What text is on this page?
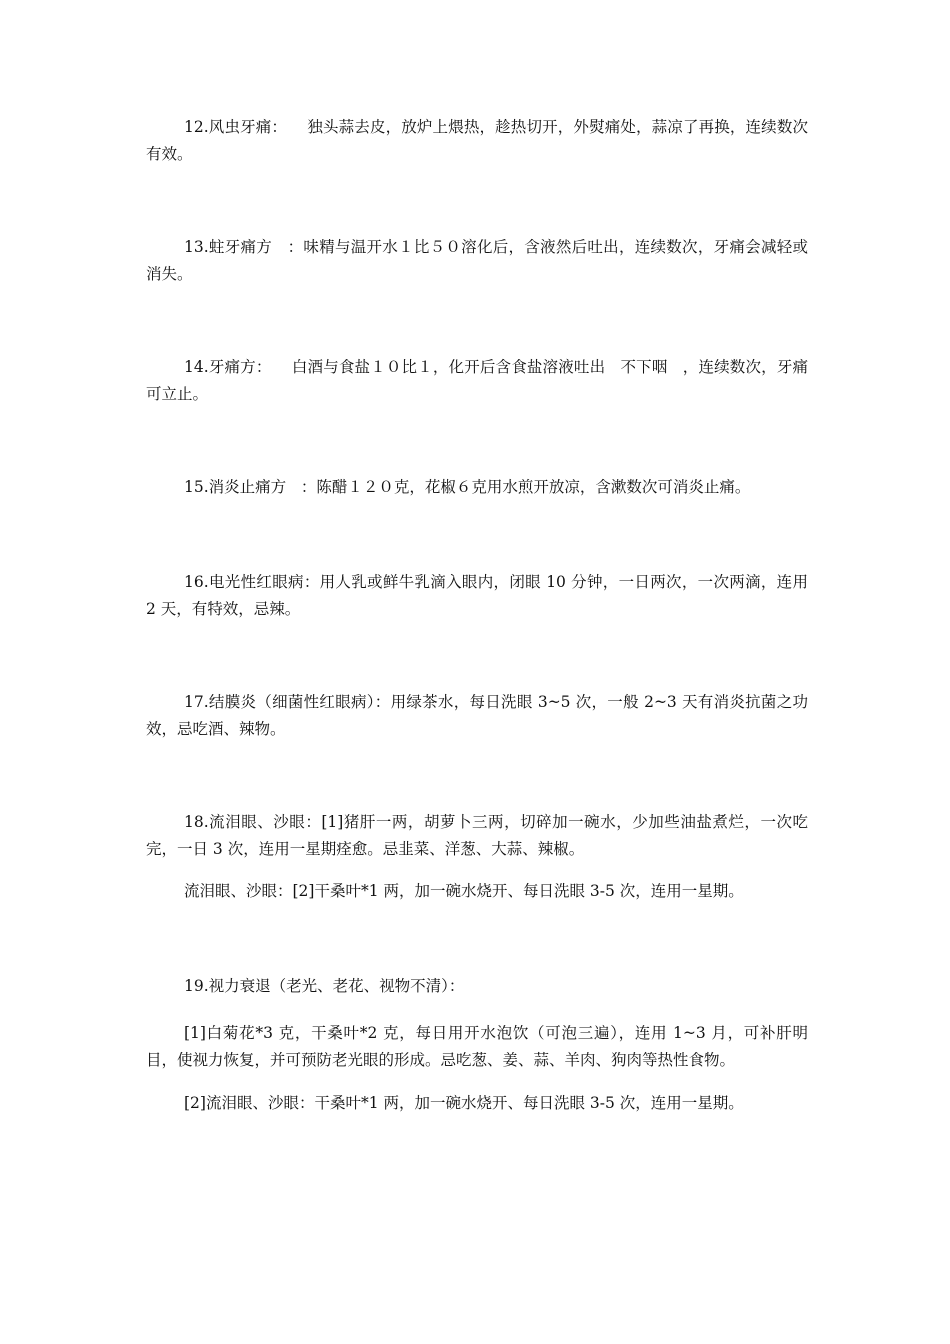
12.风虫牙痛：    独头蒜去皮，放炉上煨热，趁热切开，外熨痛处，蒜凉了再换，连续数次有效。

13.蛀牙痛方   ：味精与温开水１比５０溶化后，含液然后吐出，连续数次，牙痛会减轻或消失。

14.牙痛方：    白酒与食盐１０比１，化开后含食盐溶液吐出   不下咽   ，连续数次，牙痛可立止。

15.消炎止痛方   ：陈醋１２０克，花椒６克用水煎开放凉，含漱数次可消炎止痛。

16.电光性红眼病：用人乳或鲜牛乳滴入眼内，闭眼 10 分钟，一日两次，一次两滴，连用 2 天，有特效，忌辣。

17.结膜炎（细菌性红眼病）：用绿茶水，每日洗眼 3~5 次，一般 2~3 天有消炎抗菌之功效，忌吃酒、辣物。

18.流泪眼、沙眼：[1]猪肝一两，胡萝卜三两，切碎加一碗水，少加些油盐煮烂，一次吃完，一日 3 次，连用一星期痊愈。忌韭菜、洋葱、大蒜、辣椒。

流泪眼、沙眼：[2]干桑叶*1 两，加一碗水烧开、每日洗眼 3-5 次，连用一星期。

19.视力衰退（老光、老花、视物不清）：

[1]白菊花*3 克，干桑叶*2 克，每日用开水泡饮（可泡三遍），连用 1~3 月，可补肝明目，使视力恢复，并可预防老光眼的形成。忌吃葱、姜、蒜、羊肉、狗肉等热性食物。

[2]流泪眼、沙眼：干桑叶*1 两，加一碗水烧开、每日洗眼 3-5 次，连用一星期。
